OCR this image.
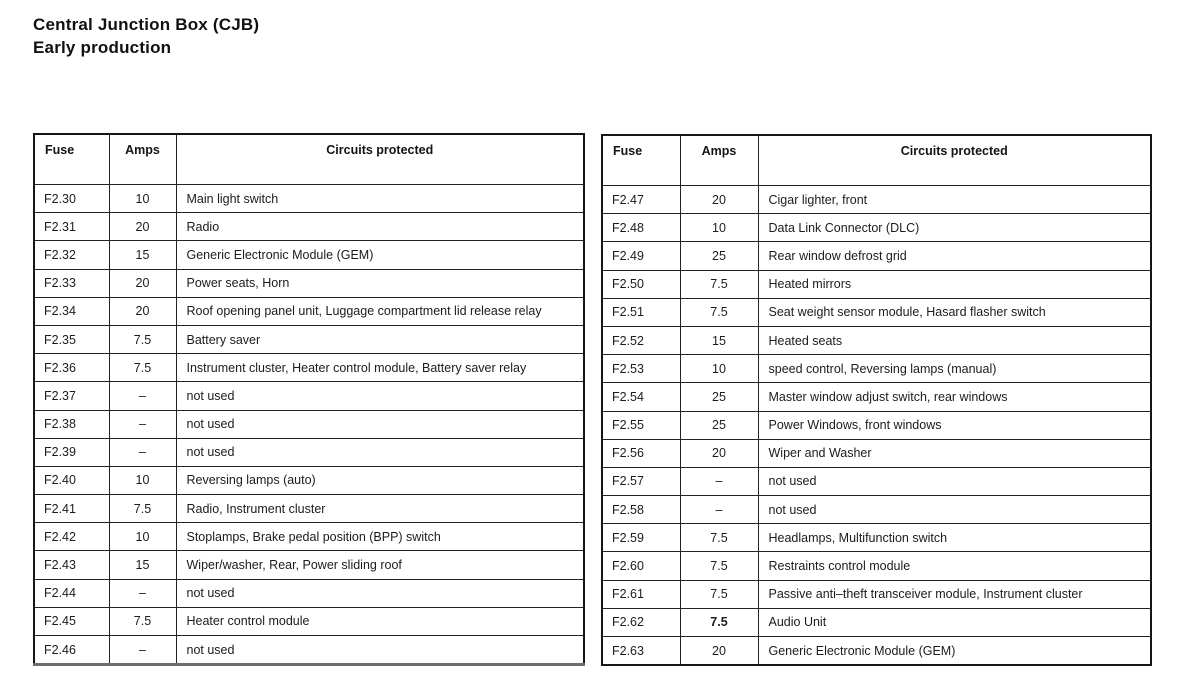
Central Junction Box (CJB)
Early production
Fuse	Amps	Circuits protected
F2.30	10	Main light switch
F2.31	20	Radio
F2.32	15	Generic Electronic Module (GEM)
F2.33	20	Power seats, Horn
F2.34	20	Roof opening panel unit, Luggage compartment lid release relay
F2.35	7.5	Battery saver
F2.36	7.5	Instrument cluster, Heater control module, Battery saver relay
F2.37	–	not used
F2.38	–	not used
F2.39	–	not used
F2.40	10	Reversing lamps (auto)
F2.41	7.5	Radio, Instrument cluster
F2.42	10	Stoplamps, Brake pedal position (BPP) switch
F2.43	15	Wiper/washer, Rear, Power sliding roof
F2.44	–	not used
F2.45	7.5	Heater control module
F2.46	–	not used
Fuse	Amps	Circuits protected
F2.47	20	Cigar lighter, front
F2.48	10	Data Link Connector (DLC)
F2.49	25	Rear window defrost grid
F2.50	7.5	Heated mirrors
F2.51	7.5	Seat weight sensor module, Hasard flasher switch
F2.52	15	Heated seats
F2.53	10	speed control, Reversing lamps (manual)
F2.54	25	Master window adjust switch, rear windows
F2.55	25	Power Windows, front windows
F2.56	20	Wiper and Washer
F2.57	–	not used
F2.58	–	not used
F2.59	7.5	Headlamps, Multifunction switch
F2.60	7.5	Restraints control module
F2.61	7.5	Passive anti–theft transceiver module, Instrument cluster
F2.62	7.5	Audio Unit
F2.63	20	Generic Electronic Module (GEM)
